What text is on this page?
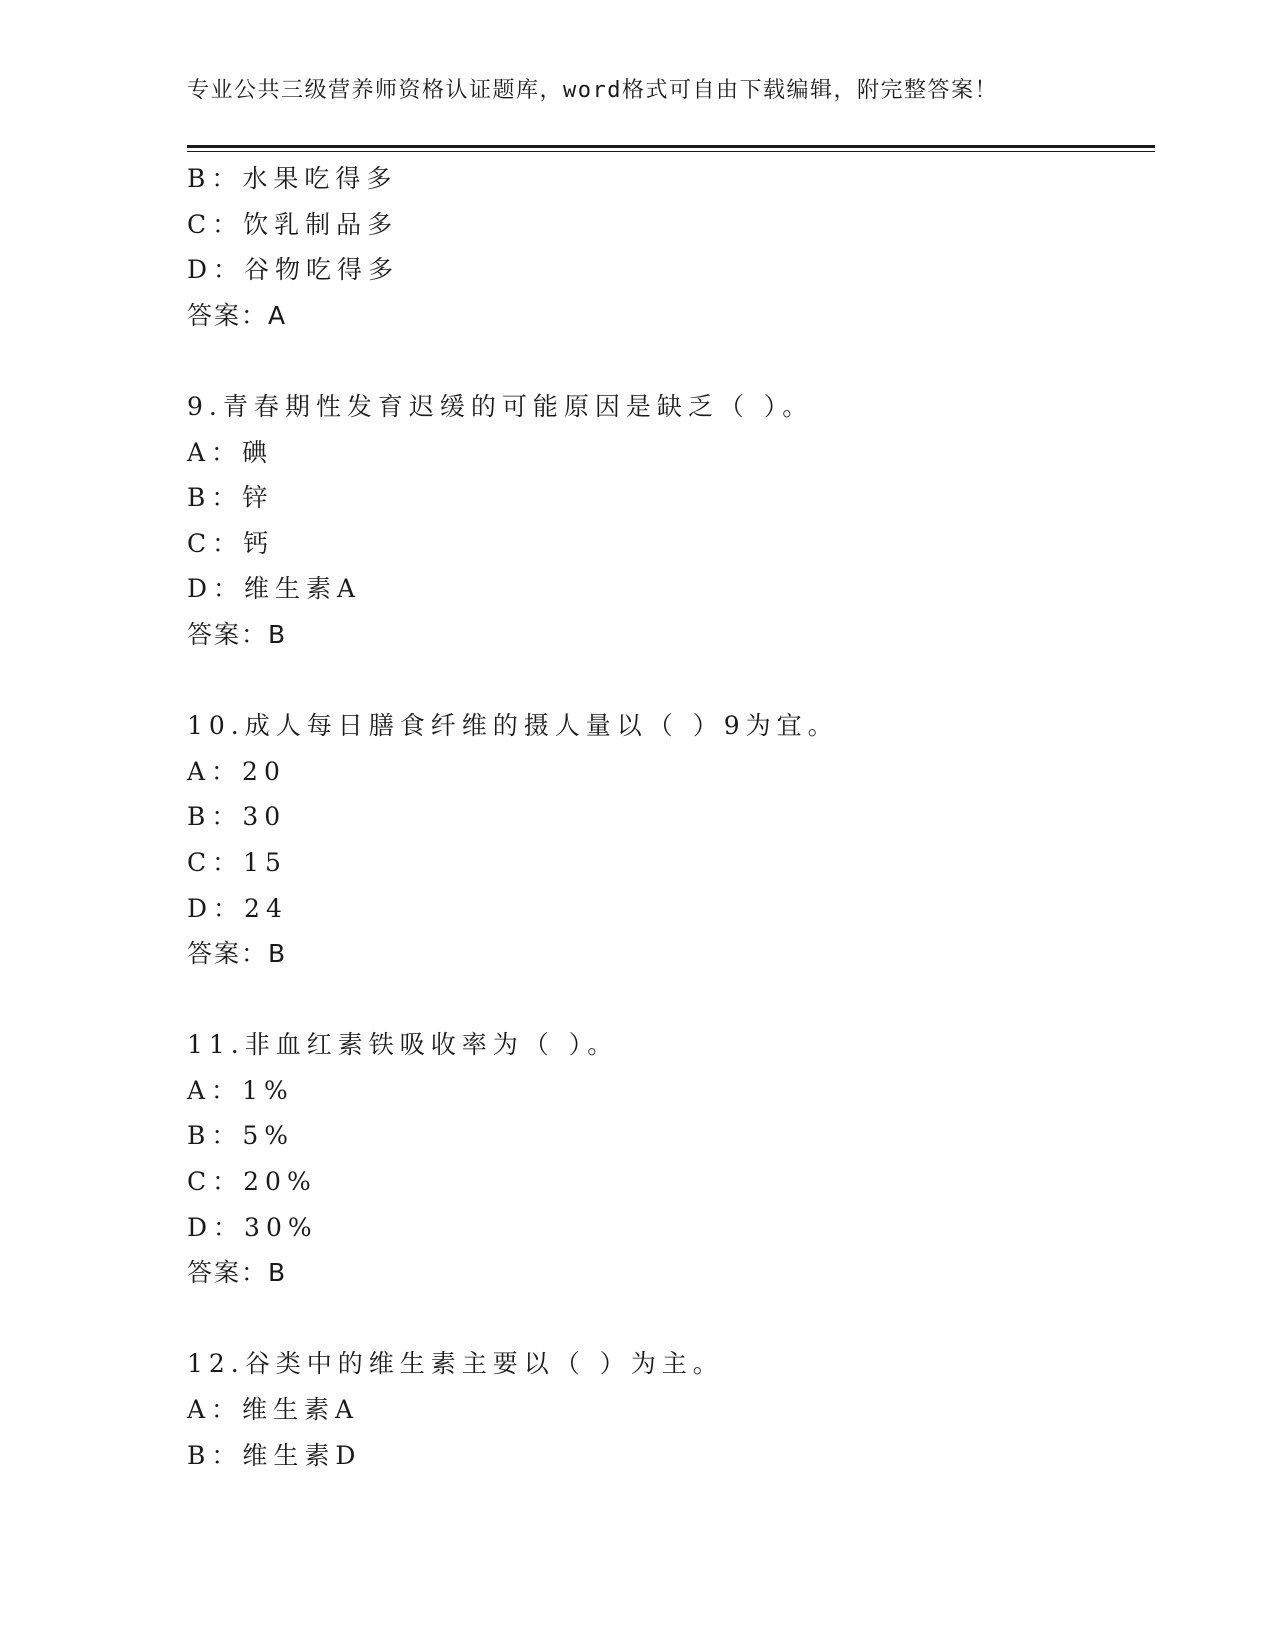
专业公共三级营养师资格认证题库，word格式可自由下载编辑，附完整答案！
B：水果吃得多
C：饮乳制品多
D：谷物吃得多
答案：A
9.青春期性发育迟缓的可能原因是缺乏（ ）。
A：碘
B：锌
C：钙
D：维生素A
答案：B
10.成人每日膳食纤维的摄人量以（ ）9为宜。
A：20
B：30
C：15
D：24
答案：B
11.非血红素铁吸收率为（ ）。
A：1%
B：5%
C：20%
D：30%
答案：B
12.谷类中的维生素主要以（ ）为主。
A：维生素A
B：维生素D
